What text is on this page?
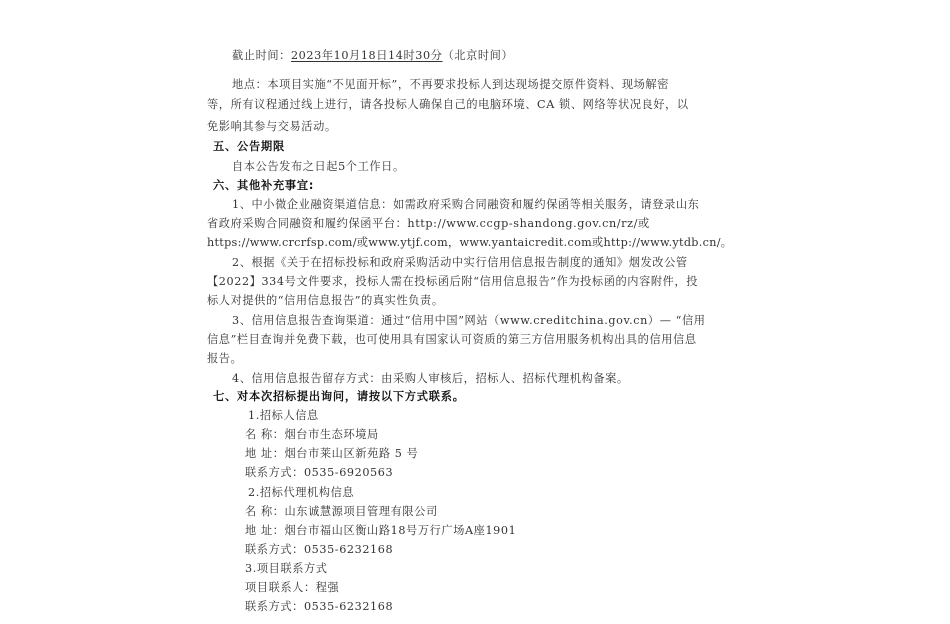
截止时间：2023年10月18日14时30分（北京时间）
地点：本项目实施“不见面开标”，不再要求投标人到达现场提交原件资料、现场解密
等，所有议程通过线上进行，请各投标人确保自己的电脑环境、CA 锁、网络等状况良好，以
免影响其参与交易活动。
五、公告期限
自本公告发布之日起5个工作日。
六、其他补充事宜:
1、中小微企业融资渠道信息：如需政府采购合同融资和履约保函等相关服务，请登录山东
省政府采购合同融资和履约保函平台：http://www.ccgp-shandong.gov.cn/rz/或
https://www.crcrfsp.com/或www.ytjf.com，www.yantaicredit.com或http://www.ytdb.cn/。
2、根据《关于在招标投标和政府采购活动中实行信用信息报告制度的通知》烟发改公管
【2022】334号文件要求，投标人需在投标函后附“信用信息报告”作为投标函的内容附件，投
标人对提供的“信用信息报告”的真实性负责。
3、信用信息报告查询渠道：通过“信用中国”网站（www.creditchina.gov.cn）— “信用
信息”栏目查询并免费下载，也可使用具有国家认可资质的第三方信用服务机构出具的信用信息
报告。
4、信用信息报告留存方式：由采购人审核后，招标人、招标代理机构备案。
七、对本次招标提出询问，请按以下方式联系。
1.招标人信息
名 称：烟台市生态环境局
地 址：烟台市莱山区新苑路 5 号
联系方式：0535-6920563
2.招标代理机构信息
名 称：山东诚慧源项目管理有限公司
地 址：烟台市福山区衡山路18号万行广场A座1901
联系方式：0535-6232168
3.项目联系方式
项目联系人：程强
联系方式：0535-6232168
